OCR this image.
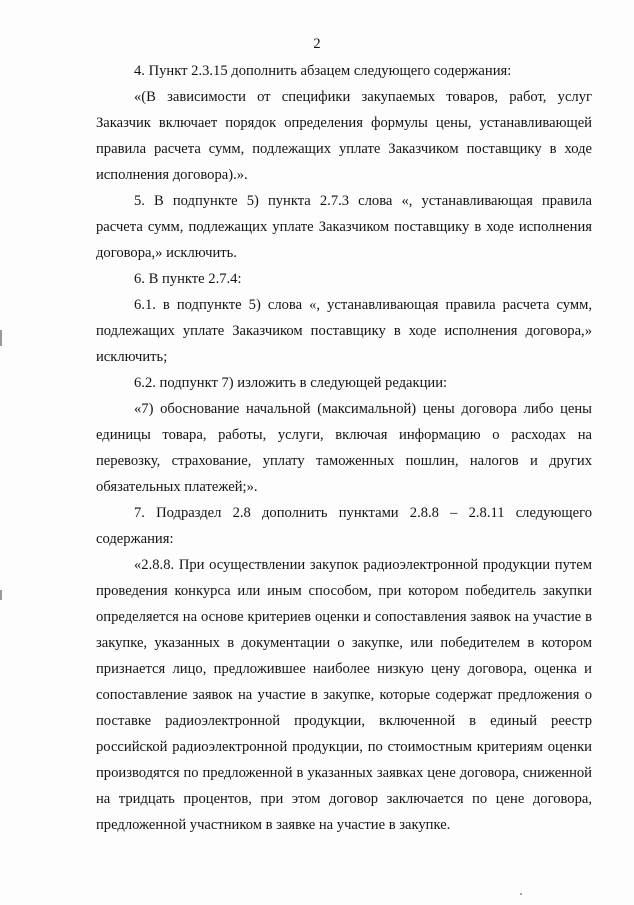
2

4. Пункт 2.3.15 дополнить абзацем следующего содержания:

«(В зависимости от специфики закупаемых товаров, работ, услуг Заказчик включает порядок определения формулы цены, устанавливающей правила расчета сумм, подлежащих уплате Заказчиком поставщику в ходе исполнения договора).».

5. В подпункте 5) пункта 2.7.3 слова «, устанавливающая правила расчета сумм, подлежащих уплате Заказчиком поставщику в ходе исполнения договора,» исключить.

6. В пункте 2.7.4:

6.1. в подпункте 5) слова «, устанавливающая правила расчета сумм, подлежащих уплате Заказчиком поставщику в ходе исполнения договора,» исключить;

6.2. подпункт 7) изложить в следующей редакции:

«7) обоснование начальной (максимальной) цены договора либо цены единицы товара, работы, услуги, включая информацию о расходах на перевозку, страхование, уплату таможенных пошлин, налогов и других обязательных платежей;».

7. Подраздел 2.8 дополнить пунктами 2.8.8 – 2.8.11 следующего содержания:

«2.8.8. При осуществлении закупок радиоэлектронной продукции путем проведения конкурса или иным способом, при котором победитель закупки определяется на основе критериев оценки и сопоставления заявок на участие в закупке, указанных в документации о закупке, или победителем в котором признается лицо, предложившее наиболее низкую цену договора, оценка и сопоставление заявок на участие в закупке, которые содержат предложения о поставке радиоэлектронной продукции, включенной в единый реестр российской радиоэлектронной продукции, по стоимостным критериям оценки производятся по предложенной в указанных заявках цене договора, сниженной на тридцать процентов, при этом договор заключается по цене договора, предложенной участником в заявке на участие в закупке.
